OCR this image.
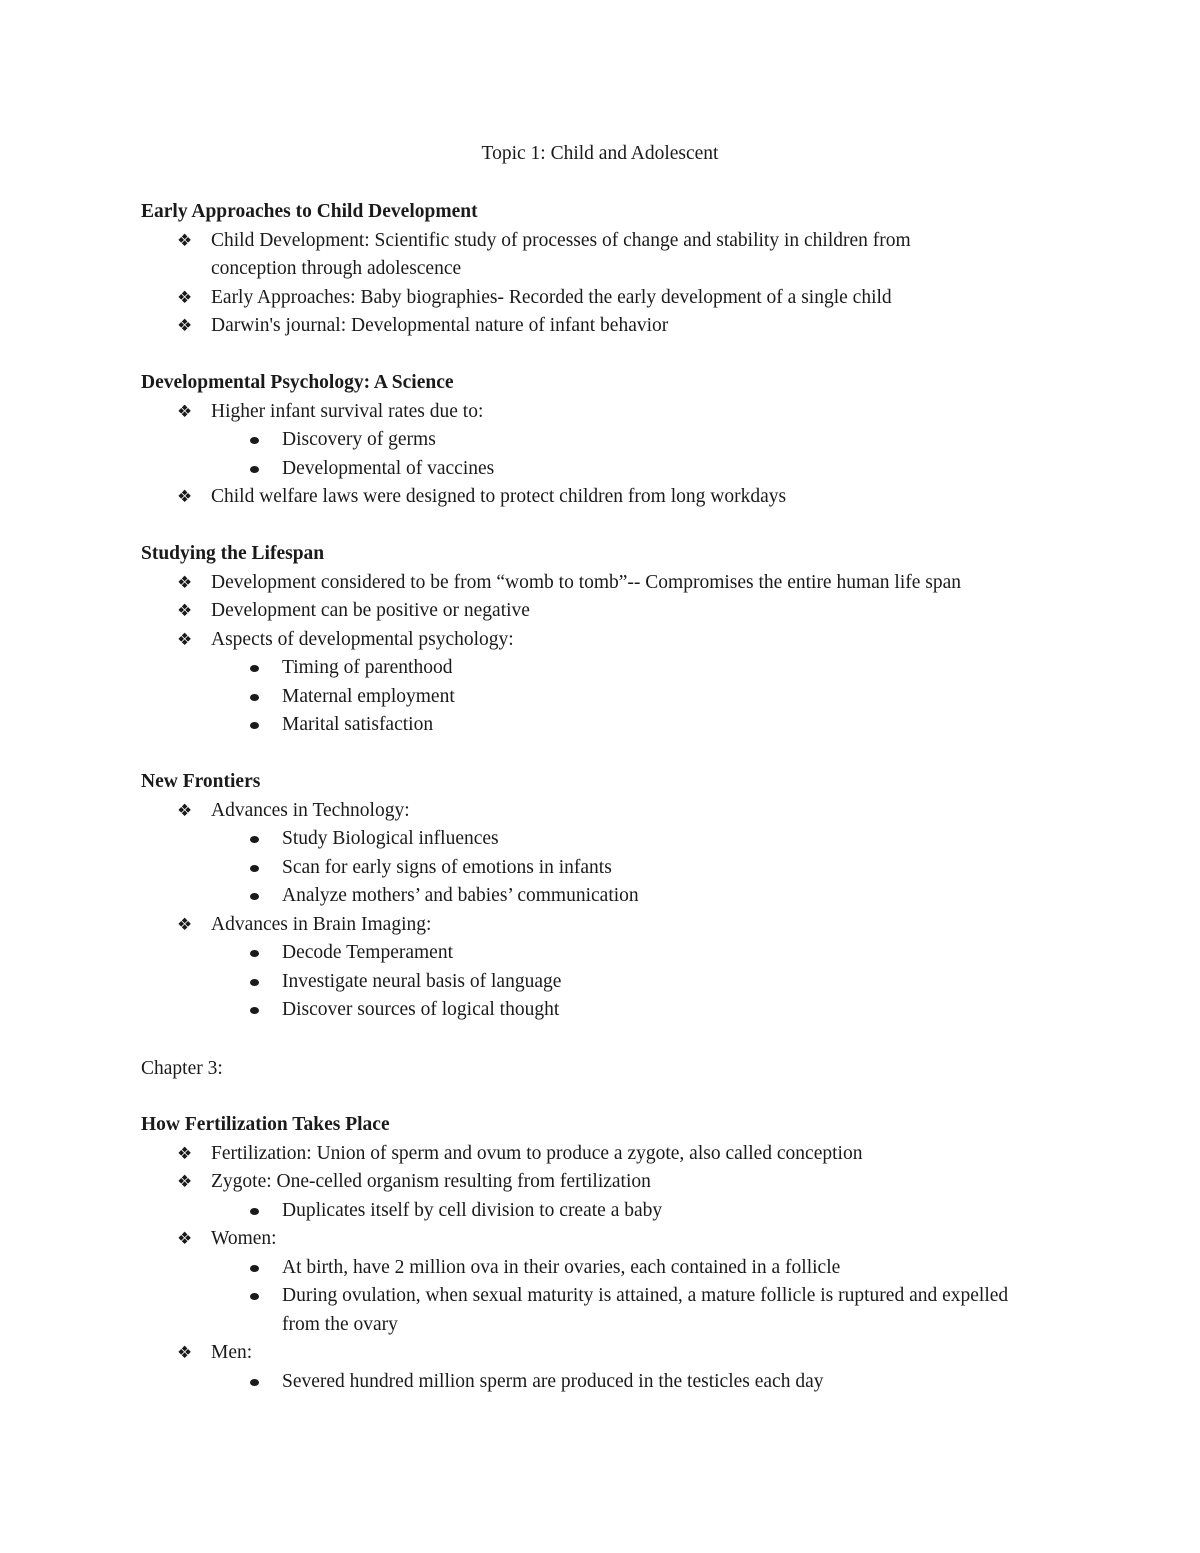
Topic 1: Child and Adolescent
Early Approaches to Child Development
❖ Child Development: Scientific study of processes of change and stability in children from conception through adolescence
❖ Early Approaches: Baby biographies- Recorded the early development of a single child
❖ Darwin's journal: Developmental nature of infant behavior
Developmental Psychology: A Science
❖ Higher infant survival rates due to:
Discovery of germs
Developmental of vaccines
❖ Child welfare laws were designed to protect children from long workdays
Studying the Lifespan
❖ Development considered to be from “womb to tomb”-- Compromises the entire human life span
❖ Development can be positive or negative
❖ Aspects of developmental psychology:
Timing of parenthood
Maternal employment
Marital satisfaction
New Frontiers
❖ Advances in Technology:
Study Biological influences
Scan for early signs of emotions in infants
Analyze mothers’ and babies’ communication
❖ Advances in Brain Imaging:
Decode Temperament
Investigate neural basis of language
Discover sources of logical thought
Chapter 3:
How Fertilization Takes Place
❖ Fertilization: Union of sperm and ovum to produce a zygote, also called conception
❖ Zygote: One-celled organism resulting from fertilization
Duplicates itself by cell division to create a baby
❖ Women:
At birth, have 2 million ova in their ovaries, each contained in a follicle
During ovulation, when sexual maturity is attained, a mature follicle is ruptured and expelled from the ovary
❖ Men:
Severed hundred million sperm are produced in the testicles each day
